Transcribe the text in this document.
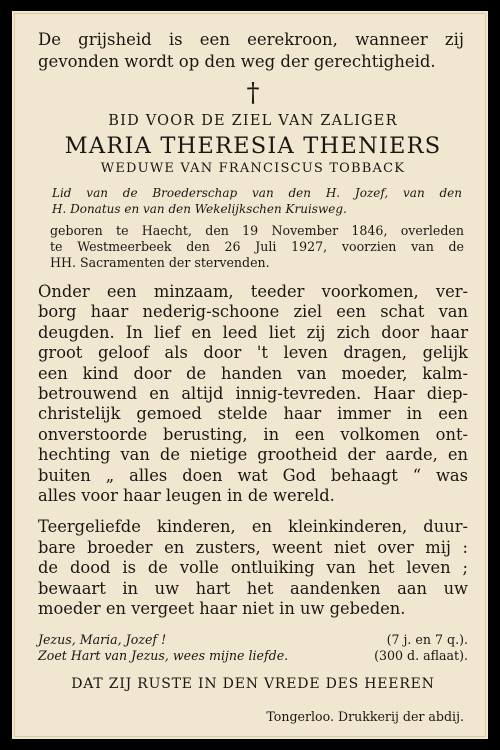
De grijsheid is een eerekroon, wanneer zij
gevonden wordt op den weg der gerechtigheid.
†
BID VOOR DE ZIEL VAN ZALIGER
MARIA THERESIA THENIERS
WEDUWE VAN FRANCISCUS TOBBACK
Lid van de Broederschap van den H. Jozef, van den
H. Donatus en van den Wekelijkschen Kruisweg.
geboren te Haecht, den 19 November 1846, overleden
te Westmeerbeek den 26 Juli 1927, voorzien van de
HH. Sacramenten der stervenden.
Onder een minzaam, teeder voorkomen, ver-
borg haar nederig-schoone ziel een schat van
deugden. In lief en leed liet zij zich door haar
groot geloof als door 't leven dragen, gelijk
een kind door de handen van moeder, kalm-
betrouwend en altijd innig-tevreden. Haar diep-
christelijk gemoed stelde haar immer in een
onverstoorde berusting, in een volkomen ont-
hechting van de nietige grootheid der aarde, en
buiten „ alles doen wat God behaagt “ was
alles voor haar leugen in de wereld.
Teergeliefde kinderen, en kleinkinderen, duur-
bare broeder en zusters, weent niet over mij :
de dood is de volle ontluiking van het leven ;
bewaart in uw hart het aandenken aan uw
moeder en vergeet haar niet in uw gebeden.
Jezus, Maria, Jozef !	(7 j. en 7 q.).
Zoet Hart van Jezus, wees mijne liefde.	(300 d. aflaat).
DAT ZIJ RUSTE IN DEN VREDE DES HEEREN
Tongerloo. Drukkerij der abdij.
